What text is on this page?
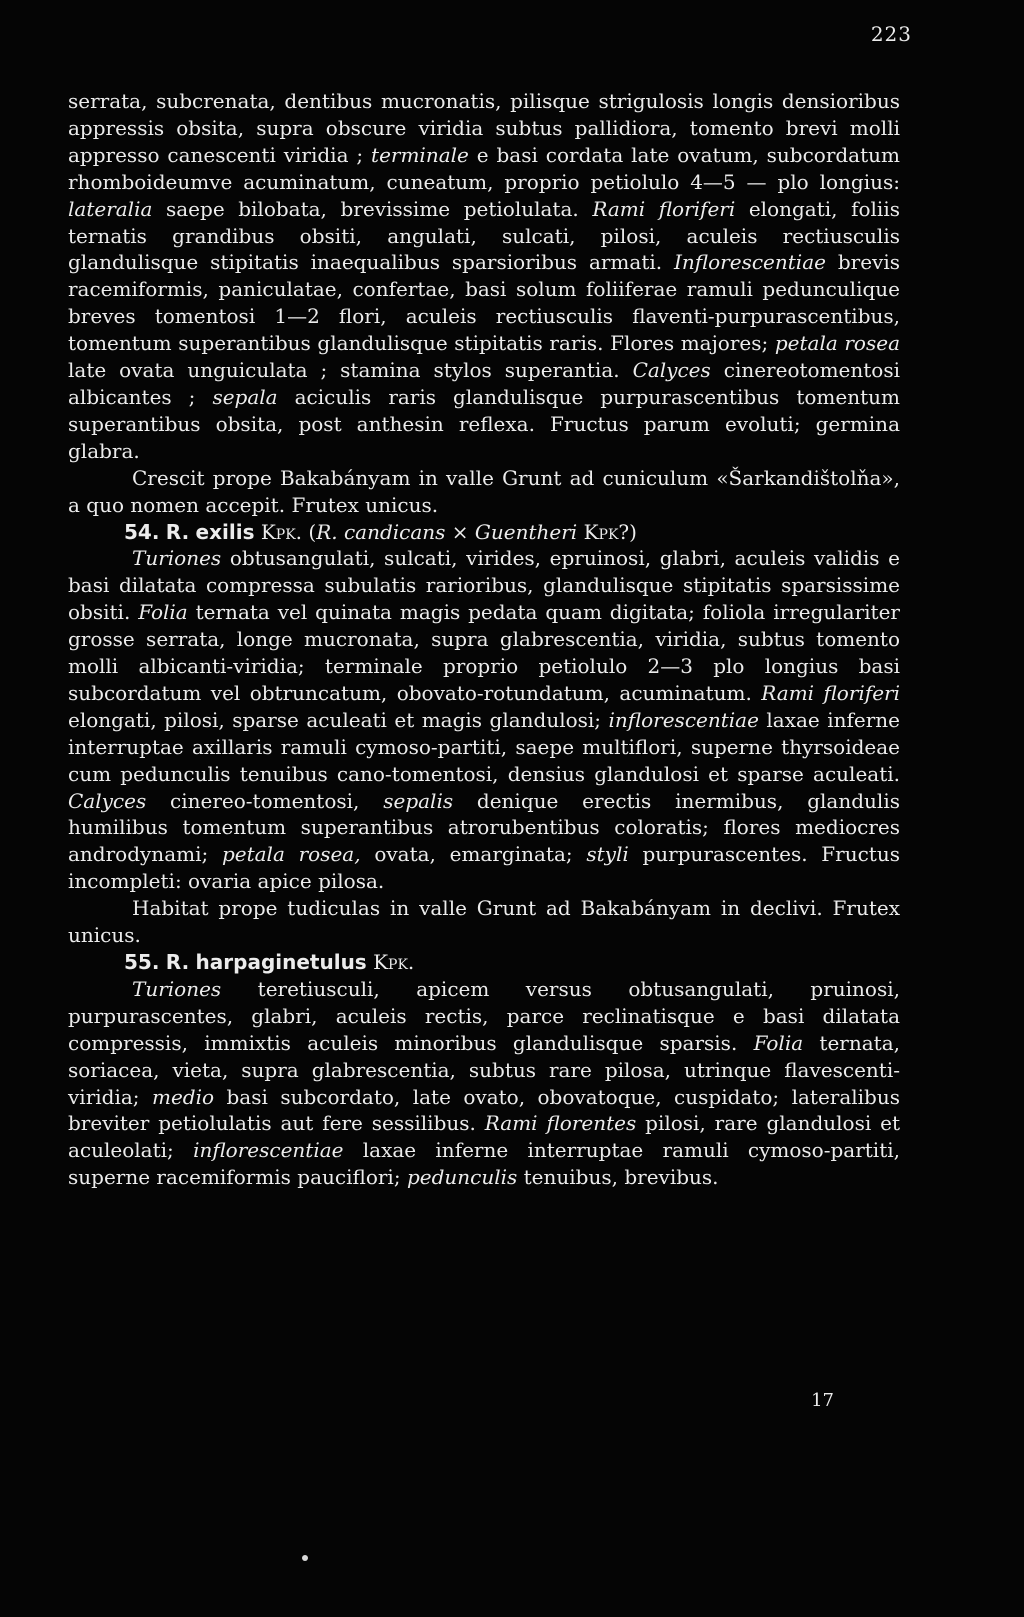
223

serrata, subcrenata, dentibus mucronatis, pilisque strigulosis longis densioribus appressis obsita, supra obscure viridia subtus pallidiora, tomento brevi molli appresso canescenti viridia ; terminale e basi cordata late ovatum, subcordatum rhomboideumve acuminatum, cuneatum, proprio petiolulo 4—5 — plo longius: lateralia saepe bilobata, brevissime petiolulata. Rami floriferi elongati, foliis ternatis grandibus obsiti, angulati, sulcati, pilosi, aculeis rectiusculis glandulisque stipitatis inaequalibus sparsioribus armati. Inflorescentiae brevis racemiformis, paniculatae, confertae, basi solum foliiferae ramuli pedunculique breves tomentosi 1—2 flori, aculeis rectiusculis flaventi-purpurascentibus, tomentum superantibus glandulisque stipitatis raris. Flores majores; petala rosea late ovata unguiculata ; stamina stylos superantia. Calyces cinereotomentosi albicantes ; sepala aciculis raris glandulisque purpurascentibus tomentum superantibus obsita, post anthesin reflexa. Fructus parum evoluti; germina glabra.

Crescit prope Bakabányam in valle Grunt ad cuniculum «Šarkandištolňa», a quo nomen accepit. Frutex unicus.

54. R. exilis Kpk. (R. candicans × Guentheri Kpk?)

Turiones obtusangulati, sulcati, virides, epruinosi, glabri, aculeis validis e basi dilatata compressa subulatis rarioribus, glandulisque stipitatis sparsissime obsiti. Folia ternata vel quinata magis pedata quam digitata; foliola irregulariter grosse serrata, longe mucronata, supra glabrescentia, viridia, subtus tomento molli albicanti-viridia; terminale proprio petiolulo 2—3 plo longius basi subcordatum vel obtruncatum, obovato-rotundatum, acuminatum. Rami floriferi elongati, pilosi, sparse aculeati et magis glandulosi; inflorescentiae laxae inferne interruptae axillaris ramuli cymoso-partiti, saepe multiflori, superne thyrsoideae cum pedunculis tenuibus cano-tomentosi, densius glandulosi et sparse aculeati. Calyces cinereo-tomentosi, sepalis denique erectis inermibus, glandulis humilibus tomentum superantibus atrorubentibus coloratis; flores mediocres androdynami; petala rosea, ovata, emarginata; styli purpurascentes. Fructus incompleti: ovaria apice pilosa.

Habitat prope tudiculas in valle Grunt ad Bakabányam in declivi. Frutex unicus.

55. R. harpaginetulus Kpk.

Turiones teretiusculi, apicem versus obtusangulati, pruinosi, purpurascentes, glabri, aculeis rectis, parce reclinatisque e basi dilatata compressis, immixtis aculeis minoribus glandulisque sparsis. Folia ternata, soriacea, vieta, supra glabrescentia, subtus rare pilosa, utrinque flavescenti-viridia; medio basi subcordato, late ovato, obovatoque, cuspidato; lateralibus breviter petiolulatis aut fere sessilibus. Rami florentes pilosi, rare glandulosi et aculeolati; inflorescentiae laxae inferne interruptae ramuli cymoso-partiti, superne racemiformis pauciflori; pedunculis tenuibus, brevibus.

17
